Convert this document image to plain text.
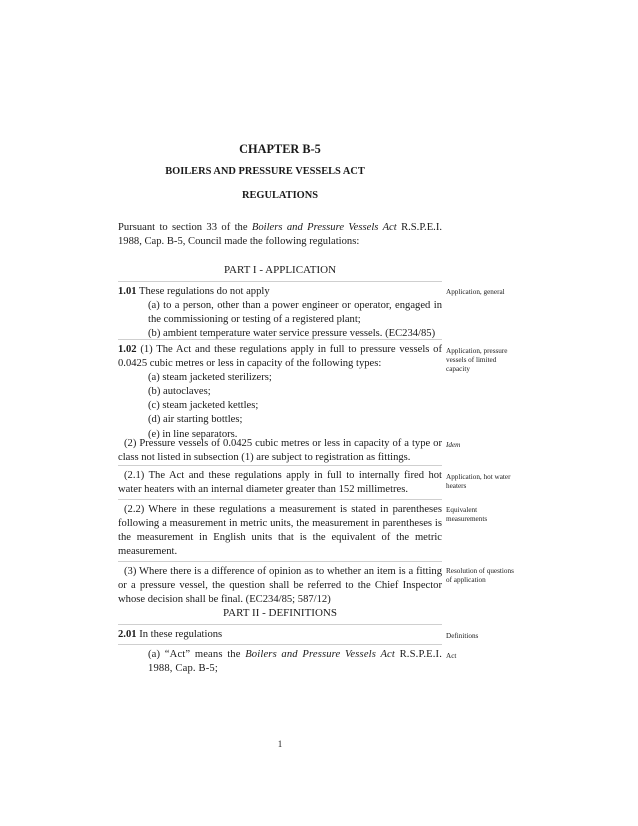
CHAPTER B-5
BOILERS AND PRESSURE VESSELS ACT
REGULATIONS

Pursuant to section 33 of the Boilers and Pressure Vessels Act R.S.P.E.I. 1988, Cap. B-5, Council made the following regulations:

PART I - APPLICATION

1.01 These regulations do not apply

(a) to a person, other than a power engineer or operator, engaged in the commissioning or testing of a registered plant;

(b) ambient temperature water service pressure vessels. (EC234/85)

Application, general

1.02 (1) The Act and these regulations apply in full to pressure vessels of 0.0425 cubic metres or less in capacity of the following types:

(a) steam jacketed sterilizers;

(b) autoclaves;

(c) steam jacketed kettles;

(d) air starting bottles;

(e) in line separators.

Application, pressure vessels of limited capacity

(2) Pressure vessels of 0.0425 cubic metres or less in capacity of a type or class not listed in subsection (1) are subject to registration as fittings.

Idem

(2.1) The Act and these regulations apply in full to internally fired hot water heaters with an internal diameter greater than 152 millimetres.

Application, hot water heaters

(2.2) Where in these regulations a measurement is stated in parentheses following a measurement in metric units, the measurement in parentheses is the measurement in English units that is the equivalent of the metric measurement.

Equivalent measurements

(3) Where there is a difference of opinion as to whether an item is a fitting or a pressure vessel, the question shall be referred to the Chief Inspector whose decision shall be final. (EC234/85; 587/12)

Resolution of questions of application
PART II - DEFINITIONS

2.01 In these regulations	Definitions

(a) “Act” means the Boilers and Pressure Vessels Act R.S.P.E.I. 1988, Cap. B-5;

Act
1
